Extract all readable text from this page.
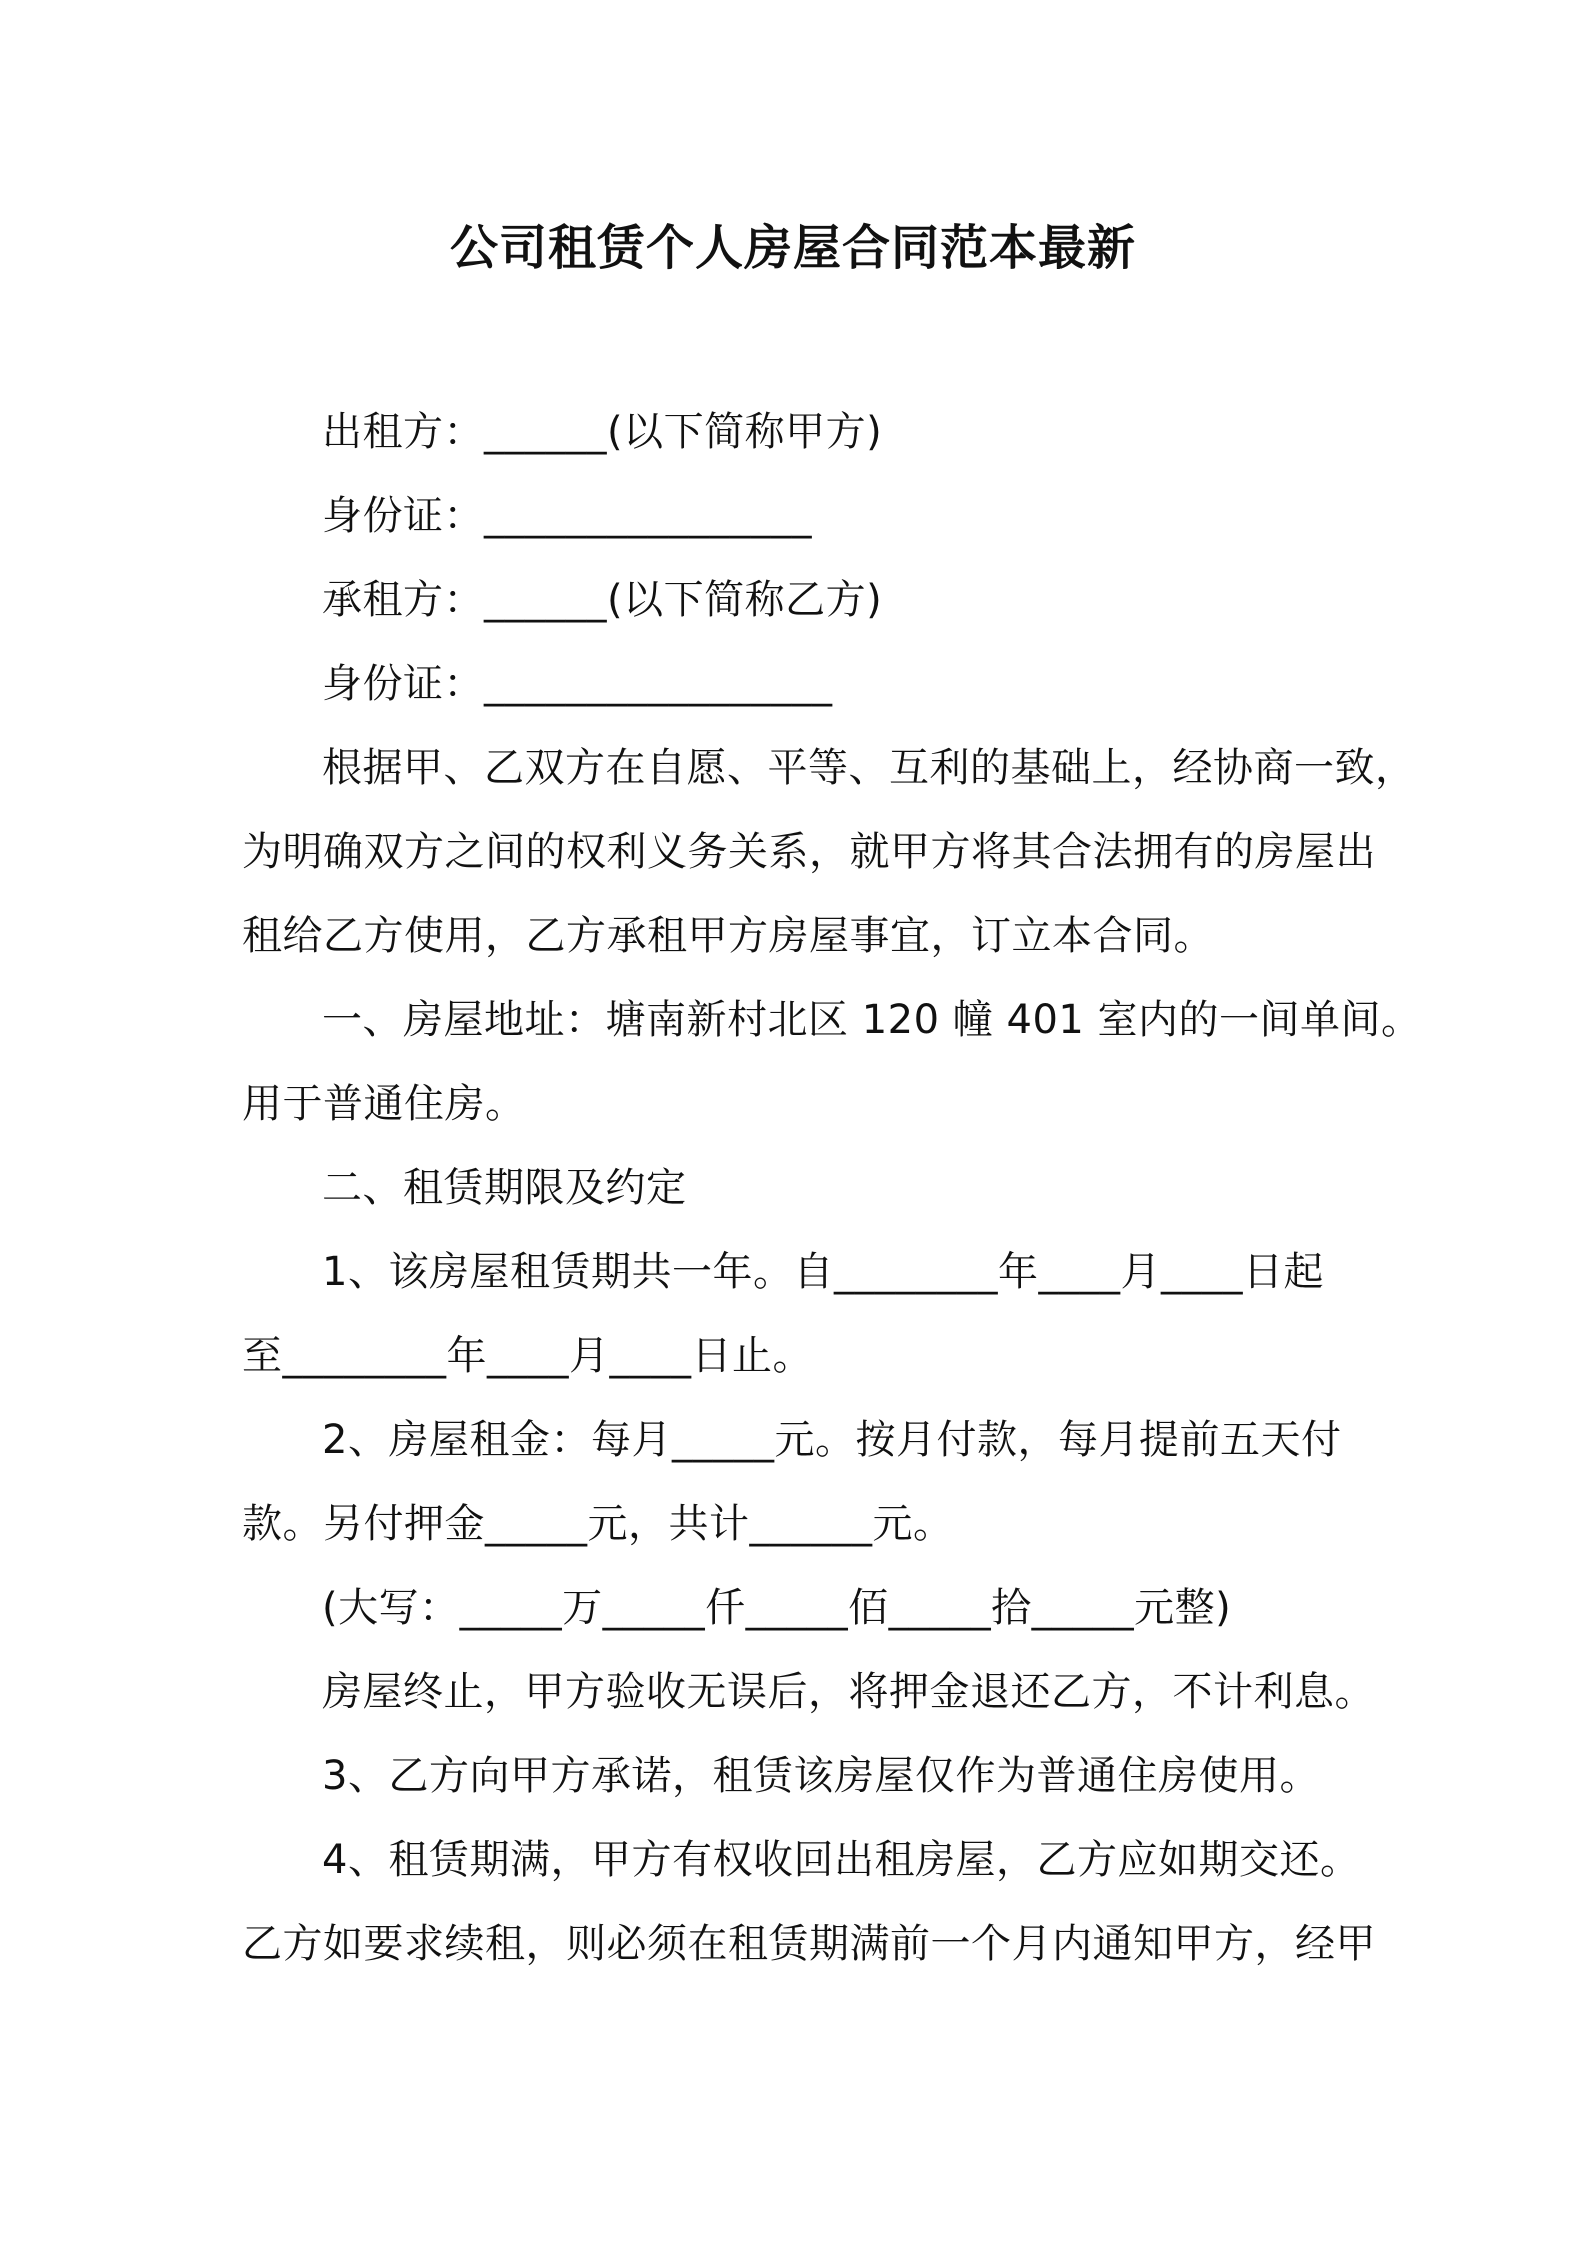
公司租赁个人房屋合同范本最新

出租方：______(以下简称甲方)

身份证：________________

承租方：______(以下简称乙方)

身份证：_________________

根据甲、乙双方在自愿、平等、互利的基础上，经协商一致，

为明确双方之间的权利义务关系，就甲方将其合法拥有的房屋出

租给乙方使用，乙方承租甲方房屋事宜，订立本合同。

一、房屋地址：塘南新村北区 120 幢 401 室内的一间单间。

用于普通住房。

二、租赁期限及约定

1、该房屋租赁期共一年。自________年____月____日起

至________年____月____日止。

2、房屋租金：每月_____元。按月付款，每月提前五天付

款。另付押金_____元，共计______元。

(大写：_____万_____仟_____佰_____拾_____元整)

房屋终止，甲方验收无误后，将押金退还乙方，不计利息。

3、乙方向甲方承诺，租赁该房屋仅作为普通住房使用。

4、租赁期满，甲方有权收回出租房屋，乙方应如期交还。

乙方如要求续租，则必须在租赁期满前一个月内通知甲方，经甲
